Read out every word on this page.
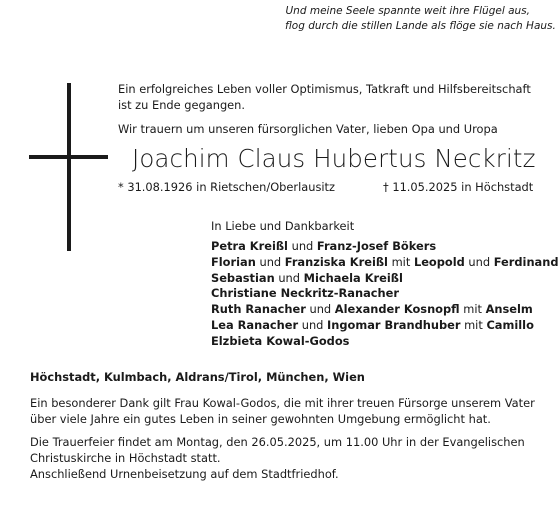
Und meine Seele spannte weit ihre Flügel aus,
flog durch die stillen Lande als flöge sie nach Haus.
Ein erfolgreiches Leben voller Optimismus, Tatkraft und Hilfsbereitschaft
ist zu Ende gegangen.
Wir trauern um unseren fürsorglichen Vater, lieben Opa und Uropa
Joachim Claus Hubertus Neckritz
* 31.08.1926 in Rietschen/Oberlausitz	† 11.05.2025 in Höchstadt
In Liebe und Dankbarkeit
Petra Kreißl und Franz-Josef Bökers
Florian und Franziska Kreißl mit Leopold und Ferdinand
Sebastian und Michaela Kreißl
Christiane Neckritz-Ranacher
Ruth Ranacher und Alexander Kosnopfl mit Anselm
Lea Ranacher und Ingomar Brandhuber mit Camillo
Elzbieta Kowal-Godos
Höchstadt, Kulmbach, Aldrans/Tirol, München, Wien
Ein besonderer Dank gilt Frau Kowal-Godos, die mit ihrer treuen Fürsorge unserem Vater
über viele Jahre ein gutes Leben in seiner gewohnten Umgebung ermöglicht hat.
Die Trauerfeier findet am Montag, den 26.05.2025, um 11.00 Uhr in der Evangelischen
Christuskirche in Höchstadt statt.
Anschließend Urnenbeisetzung auf dem Stadtfriedhof.
